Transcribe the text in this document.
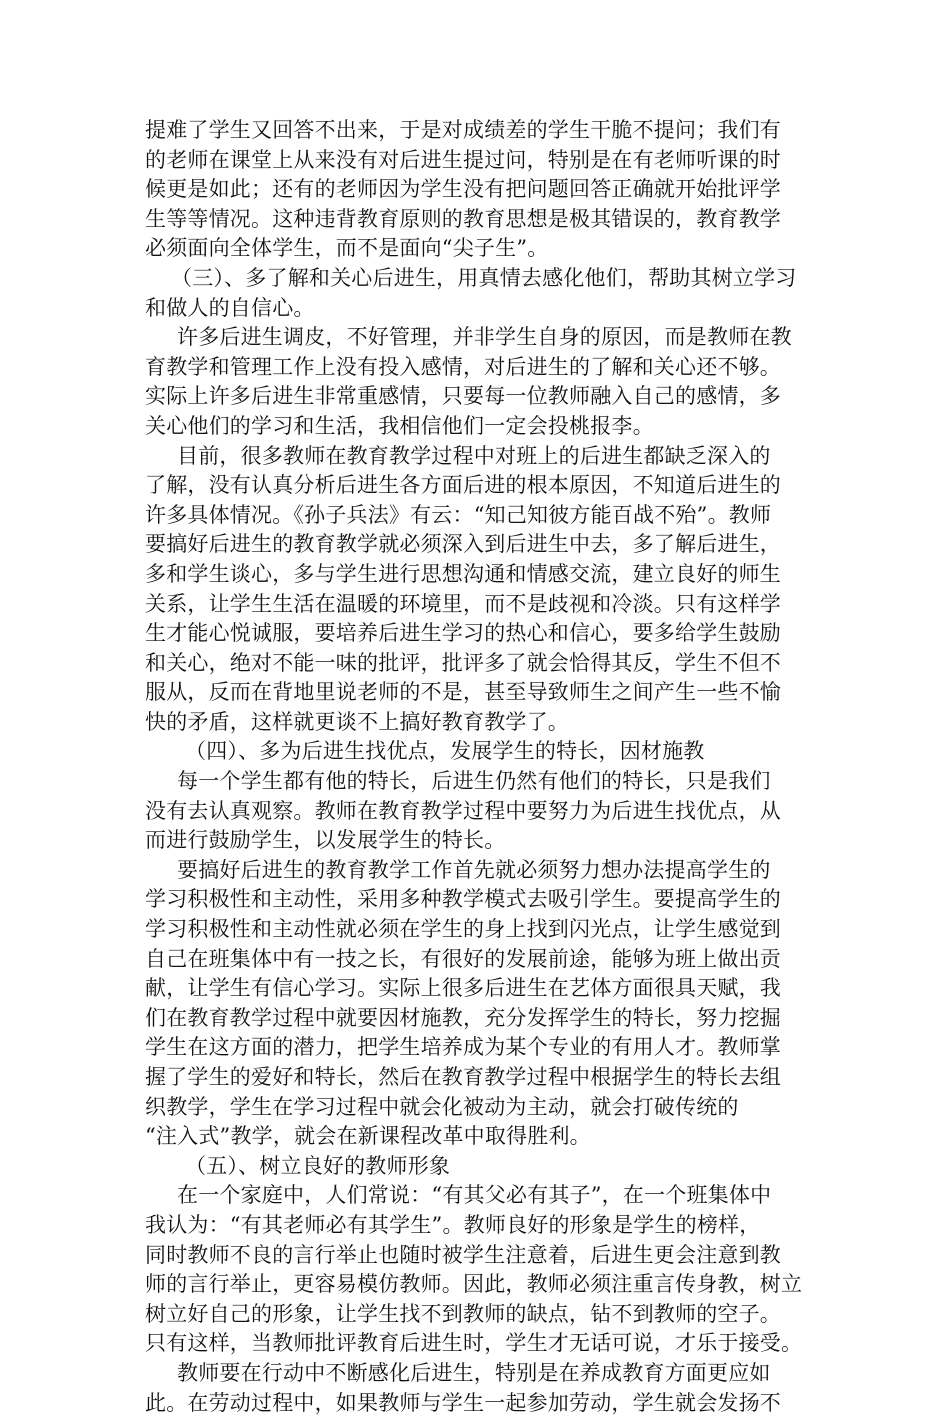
提难了学生又回答不出来，于是对成绩差的学生干脆不提问；我们有
的老师在课堂上从来没有对后进生提过问，特别是在有老师听课的时
候更是如此；还有的老师因为学生没有把问题回答正确就开始批评学
生等等情况。这种违背教育原则的教育思想是极其错误的，教育教学
必须面向全体学生，而不是面向“尖子生”。
（三）、多了解和关心后进生，用真情去感化他们，帮助其树立学习
和做人的自信心。
许多后进生调皮，不好管理，并非学生自身的原因，而是教师在教
育教学和管理工作上没有投入感情，对后进生的了解和关心还不够。
实际上许多后进生非常重感情，只要每一位教师融入自己的感情，多
关心他们的学习和生活，我相信他们一定会投桃报李。
目前，很多教师在教育教学过程中对班上的后进生都缺乏深入的
了解，没有认真分析后进生各方面后进的根本原因，不知道后进生的
许多具体情况。《孙子兵法》有云：“知己知彼方能百战不殆”。教师
要搞好后进生的教育教学就必须深入到后进生中去，多了解后进生，
多和学生谈心，多与学生进行思想沟通和情感交流，建立良好的师生
关系，让学生生活在温暖的环境里，而不是歧视和冷淡。只有这样学
生才能心悦诚服，要培养后进生学习的热心和信心，要多给学生鼓励
和关心，绝对不能一味的批评，批评多了就会恰得其反，学生不但不
服从，反而在背地里说老师的不是，甚至导致师生之间产生一些不愉
快的矛盾，这样就更谈不上搞好教育教学了。
（四）、多为后进生找优点，发展学生的特长，因材施教
每一个学生都有他的特长，后进生仍然有他们的特长，只是我们
没有去认真观察。教师在教育教学过程中要努力为后进生找优点，从
而进行鼓励学生，以发展学生的特长。
要搞好后进生的教育教学工作首先就必须努力想办法提高学生的
学习积极性和主动性，采用多种教学模式去吸引学生。要提高学生的
学习积极性和主动性就必须在学生的身上找到闪光点，让学生感觉到
自己在班集体中有一技之长，有很好的发展前途，能够为班上做出贡
献，让学生有信心学习。实际上很多后进生在艺体方面很具天赋，我
们在教育教学过程中就要因材施教，充分发挥学生的特长，努力挖掘
学生在这方面的潜力，把学生培养成为某个专业的有用人才。教师掌
握了学生的爱好和特长，然后在教育教学过程中根据学生的特长去组
织教学，学生在学习过程中就会化被动为主动，就会打破传统的
“注入式”教学，就会在新课程改革中取得胜利。
（五）、树立良好的教师形象
在一个家庭中，人们常说：“有其父必有其子”，在一个班集体中
我认为：“有其老师必有其学生”。教师良好的形象是学生的榜样，
同时教师不良的言行举止也随时被学生注意着，后进生更会注意到教
师的言行举止，更容易模仿教师。因此，教师必须注重言传身教，树立
树立好自己的形象，让学生找不到教师的缺点，钻不到教师的空子。
只有这样，当教师批评教育后进生时，学生才无话可说，才乐于接受。
教师要在行动中不断感化后进生，特别是在养成教育方面更应如
此。在劳动过程中，如果教师与学生一起参加劳动，学生就会发扬不
